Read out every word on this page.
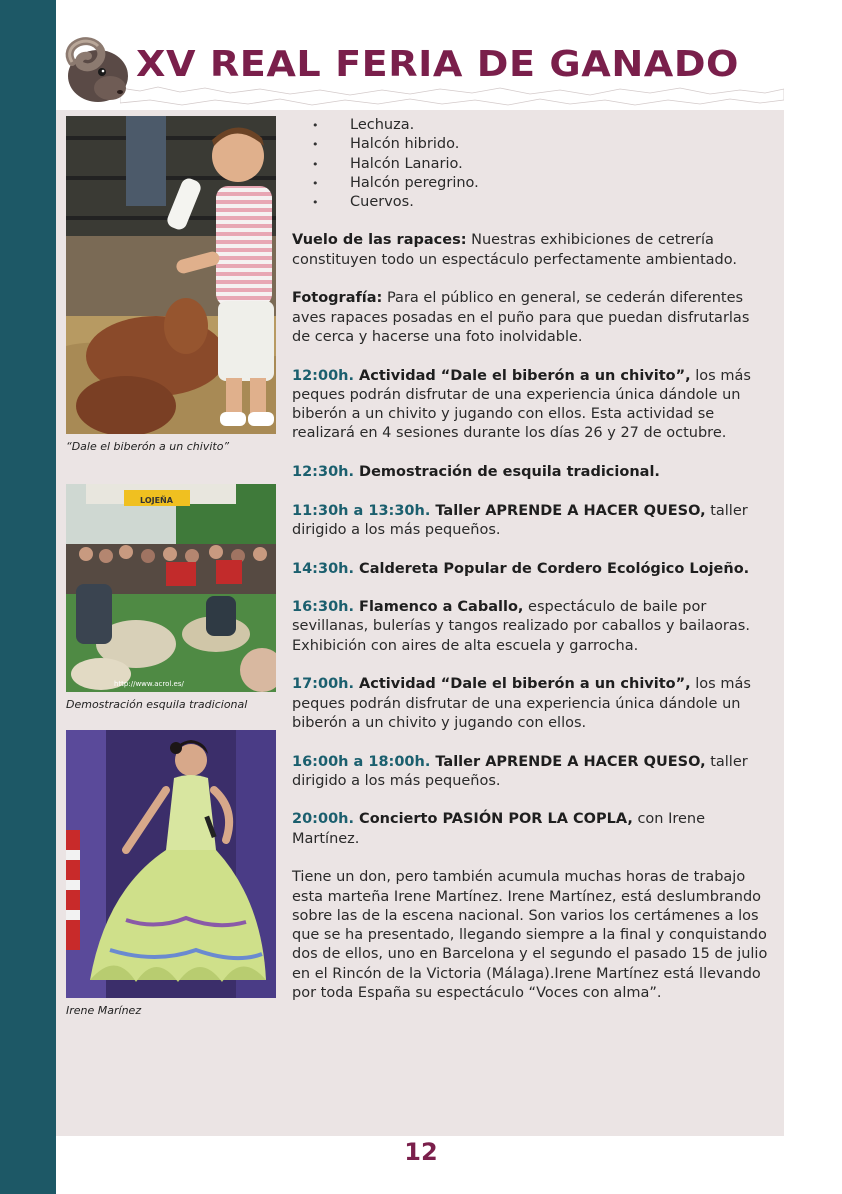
XV REAL FERIA DE GANADO
“Dale el biberón a un chivito”
LOJEÑA
http://www.acrol.es/
Demostración esquila tradicional
Irene Marínez
• Lechuza.
• Halcón hibrido.
• Halcón Lanario.
• Halcón peregrino.
• Cuervos.

Vuelo de las rapaces: Nuestras exhibiciones de cetrería constituyen todo un espectáculo perfectamente ambientado.

Fotografía: Para el público en general, se cederán diferentes aves rapaces posadas en el puño para que puedan disfrutarlas de cerca y hacerse una foto inolvidable.

12:00h. Actividad “Dale el biberón a un chivito”, los más peques podrán disfrutar de una experiencia única dándole un biberón a un chivito y jugando con ellos. Esta actividad se realizará en 4 sesiones durante los días 26 y 27 de octubre.

12:30h. Demostración de esquila tradicional.

11:30h a 13:30h. Taller APRENDE A HACER QUESO, taller dirigido a los más pequeños.

14:30h. Caldereta Popular de Cordero Ecológico Lojeño.

16:30h. Flamenco a Caballo, espectáculo de baile por sevillanas, bulerías y tangos realizado por caballos y bailaoras. Exhibición con aires de alta escuela y garrocha.

17:00h. Actividad “Dale el biberón a un chivito”, los más peques podrán disfrutar de una experiencia única dándole un biberón a un chivito y jugando con ellos.

16:00h a 18:00h. Taller APRENDE A HACER QUESO, taller dirigido a los más pequeños.

20:00h. Concierto PASIÓN POR LA COPLA, con Irene Martínez.

Tiene un don, pero también acumula muchas horas de trabajo esta marteña Irene Martínez. Irene Martínez, está deslumbrando sobre las de la escena nacional. Son varios los certámenes a los que se ha presentado, llegando siempre a la final y conquistando dos de ellos, uno en Barcelona y el segundo el pasado 15 de julio en el Rincón de la Victoria (Málaga).Irene Martínez está llevando por toda España su espectáculo “Voces con alma”.

12
